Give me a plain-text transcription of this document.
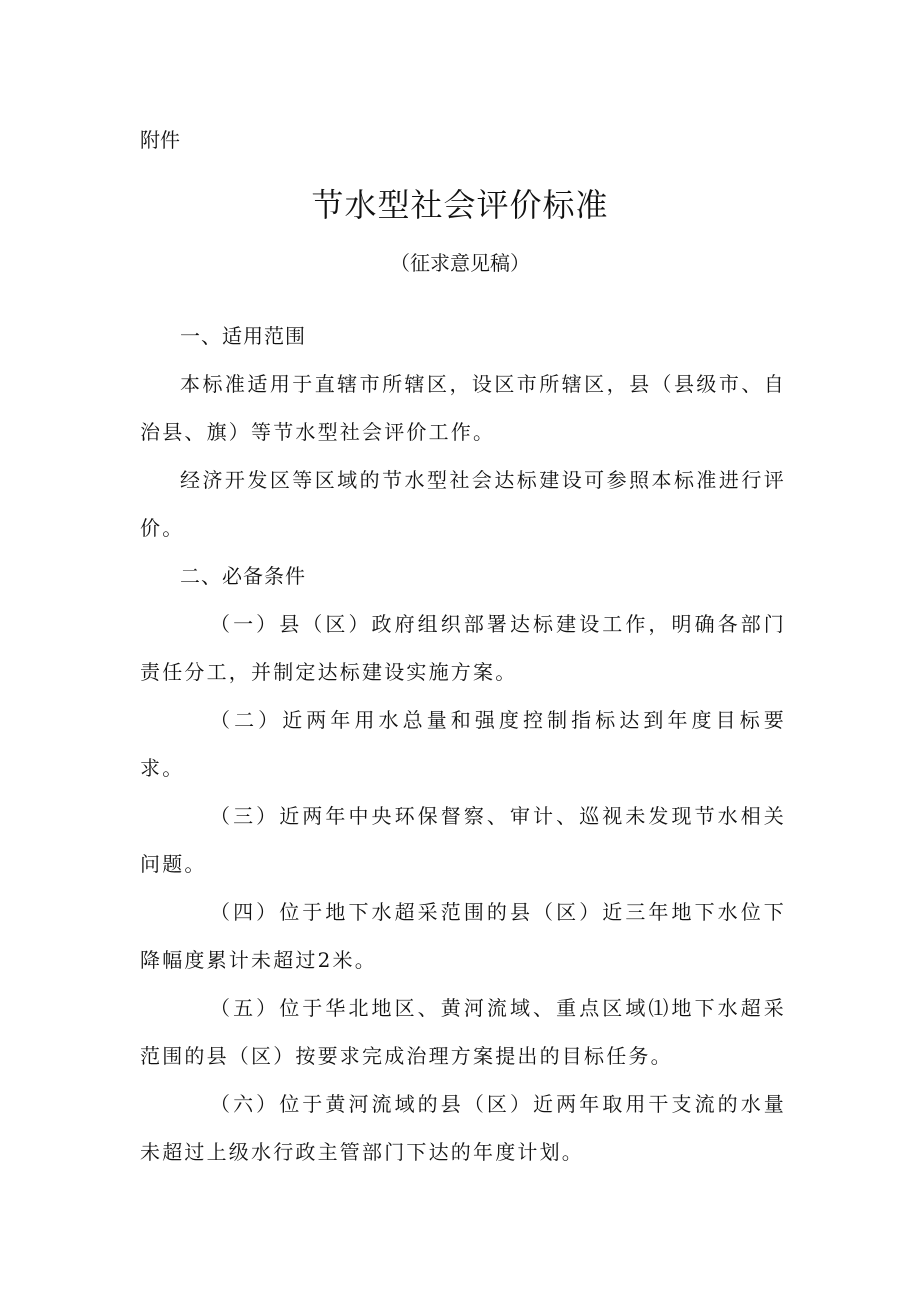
附件
节水型社会评价标准
（征求意见稿）

一、适用范围

本标准适用于直辖市所辖区，设区市所辖区，县（县级市、自治县、旗）等节水型社会评价工作。

经济开发区等区域的节水型社会达标建设可参照本标准进行评价。

二、必备条件

（一）县（区）政府组织部署达标建设工作，明确各部门责任分工，并制定达标建设实施方案。

（二）近两年用水总量和强度控制指标达到年度目标要求。

（三）近两年中央环保督察、审计、巡视未发现节水相关问题。

（四）位于地下水超采范围的县（区）近三年地下水位下降幅度累计未超过2米。

（五）位于华北地区、黄河流域、重点区域⑴地下水超采范围的县（区）按要求完成治理方案提出的目标任务。

（六）位于黄河流域的县（区）近两年取用干支流的水量未超过上级水行政主管部门下达的年度计划。
